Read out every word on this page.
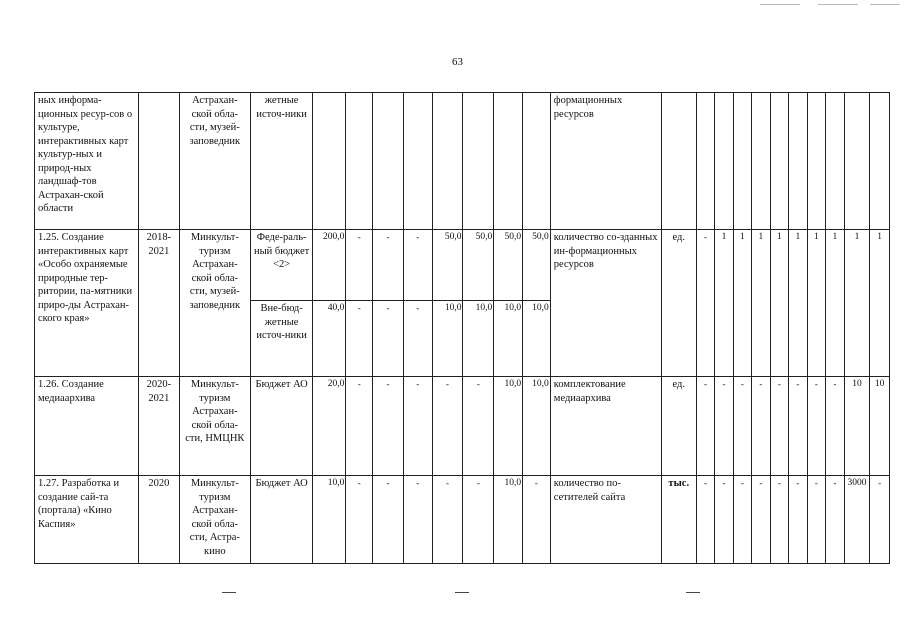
63
ных информа-ционных ресур-сов о культуре, интерактивных карт культур-ных и природ-ных ландшаф-тов Астрахан-ской области		Астрахан-ской обла-сти, музей-заповедник	жетные источ-ники									формационных ресурсов											
1.25. Создание интерактивных карт «Особо охраняемые природные тер-ритории, па-мятники приро-ды Астрахан-ского края»	2018-2021	Минкульт-туризм Астрахан-ской обла-сти, музей-заповедник	Феде-раль-ный бюджет <2>	200,0	-	-	-	50,0	50,0	50,0	50,0	количество со-зданных ин-формационных ресурсов	ед.	-	1	1	1	1	1	1	1	1	1
			Вне-бюд-жетные источ-ники	40,0	-	-	-	10,0	10,0	10,0	10,0												
1.26. Создание медиаархива	2020-2021	Минкульт-туризм Астрахан-ской обла-сти, НМЦНК	Бюджет АО	20,0	-	-	-	-	-	10,0	10,0	комплектование медиаархива	ед.	-	-	-	-	-	-	-	-	10	10
1.27. Разработка и создание сай-та (портала) «Кино Каспия»	2020	Минкульт-туризм Астрахан-ской обла-сти, Астра-кино	Бюджет АО	10,0	-	-	-	-	-	10,0	-	количество по-сетителей сайта	тыс.	-	-	-	-	-	-	-	-	3000	-
